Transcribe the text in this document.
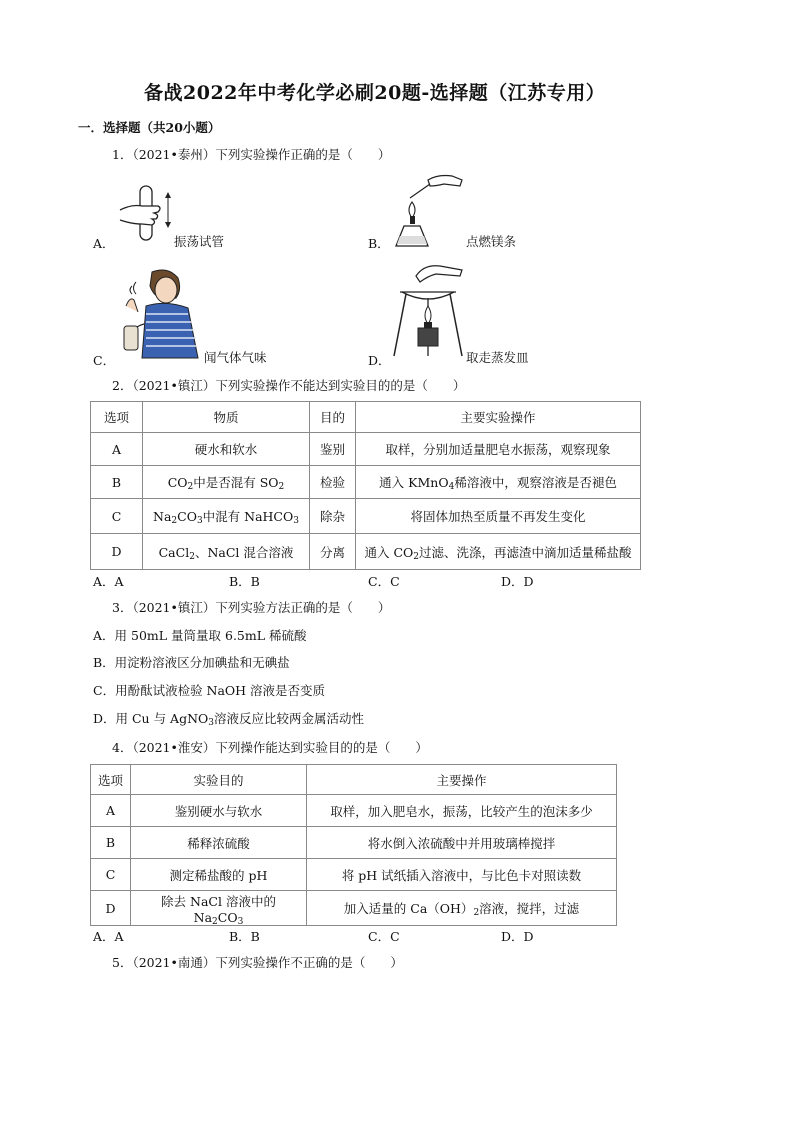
备战2022年中考化学必刷20题-选择题（江苏专用）
一．选择题（共20小题）
1．（2021•泰州）下列实验操作正确的是（　　）
A．	振荡试管	B．	点燃镁条
C．	闻气体气味	D．	取走蒸发皿
2．（2021•镇江）下列实验操作不能达到实验目的的是（　　）
选项	物质	目的	主要实验操作
A	硬水和软水	鉴别	取样，分别加适量肥皂水振荡，观察现象
B	$CO_2$中是否混有 $SO_2$	检验	通入 KMnO$_4$稀溶液中，观察溶液是否褪色
C	$Na_2CO_3$中混有 NaHCO$_3$	除杂	将固体加热至质量不再发生变化
D	CaCl$_2$、NaCl 混合溶液	分离	通入 $CO_2$过滤、洗涤，再滤渣中滴加适量稀盐酸
A．A	B．B	C．C	D．D
3．（2021•镇江）下列实验方法正确的是（　　）
A．用 50mL 量筒量取 6.5mL 稀硫酸
B．用淀粉溶液区分加碘盐和无碘盐
C．用酚酞试液检验 NaOH 溶液是否变质
D．用 Cu 与 AgNO$_3$溶液反应比较两金属活动性
4．（2021•淮安）下列操作能达到实验目的的是（　　）
选项	实验目的	主要操作
A	鉴别硬水与软水	取样，加入肥皂水，振荡，比较产生的泡沫多少
B	稀释浓硫酸	将水倒入浓硫酸中并用玻璃棒搅拌
C	测定稀盐酸的 pH	将 pH 试纸插入溶液中，与比色卡对照读数
D	除去 NaCl 溶液中的 $Na_2CO_3$	加入适量的 $Ca(OH)_2$溶液，搅拌，过滤
A．A	B．B	C．C	D．D
5．（2021•南通）下列实验操作不正确的是（　　）
